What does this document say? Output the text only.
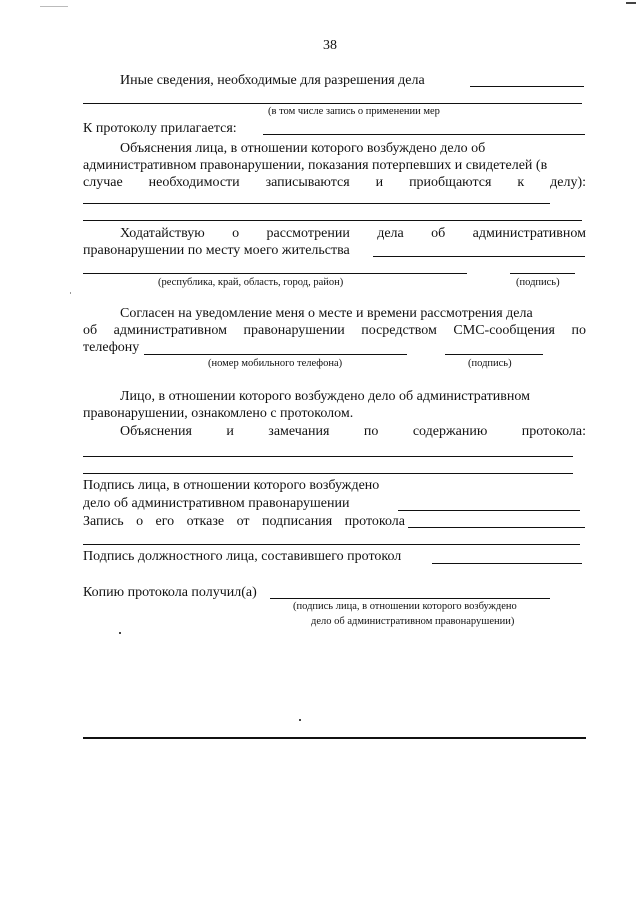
38
Иные сведения, необходимые для разрешения дела
(в том числе запись о применении мер
К протоколу прилагается:
Объяснения лица, в отношении которого возбуждено дело об
административном правонарушении, показания потерпевших и свидетелей (в
случае необходимости записываются и приобщаются к делу):
Ходатайствую о рассмотрении дела об административном
правонарушении по месту моего жительства
(республика, край, область, город, район)	(подпись)
Согласен на уведомление меня о месте и времени рассмотрения дела
об административном правонарушении посредством СМС-сообщения по
телефону
(номер мобильного телефона)	(подпись)
Лицо, в отношении которого возбуждено дело об административном
правонарушении, ознакомлено с протоколом.
Объяснения и замечания по содержанию протокола:
Подпись лица, в отношении которого возбуждено
дело об административном правонарушении
Запись о его отказе от подписания протокола
Подпись должностного лица, составившего протокол
Копию протокола получил(а)
(подпись лица, в отношении которого возбуждено
дело об административном правонарушении)
